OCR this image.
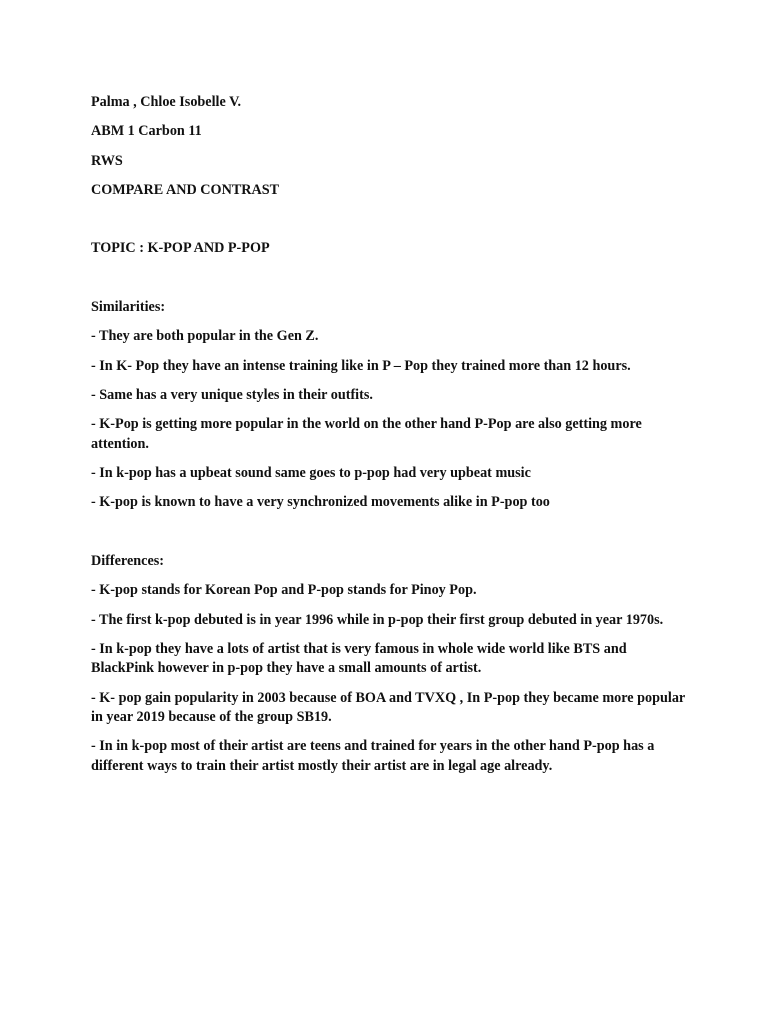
Palma , Chloe Isobelle V.

ABM 1 Carbon 11

RWS

COMPARE AND CONTRAST

TOPIC : K-POP AND P-POP

Similarities:

- They are both popular in the Gen Z.

- In K- Pop they have an intense training like in P – Pop they trained more than 12 hours.

- Same has a very unique styles in their outfits.

- K-Pop is getting more popular in the world on the other hand P-Pop are also getting more attention.

- In k-pop has a upbeat sound same goes to p-pop had very upbeat music

- K-pop is known to have a very synchronized movements alike in P-pop too

Differences:

- K-pop stands for Korean Pop and P-pop stands for Pinoy Pop.

- The first k-pop debuted is in year 1996 while in p-pop their first group debuted in year 1970s.

- In k-pop they have a lots of artist that is very famous in whole wide world like BTS and BlackPink however in p-pop they have a small amounts of artist.

- K- pop gain popularity in 2003 because of BOA and TVXQ , In P-pop they became more popular in year 2019 because of the group SB19.

- In in k-pop most of their artist are teens and trained for years in the other hand P-pop has a different ways to train their artist mostly their artist are in legal age already.
